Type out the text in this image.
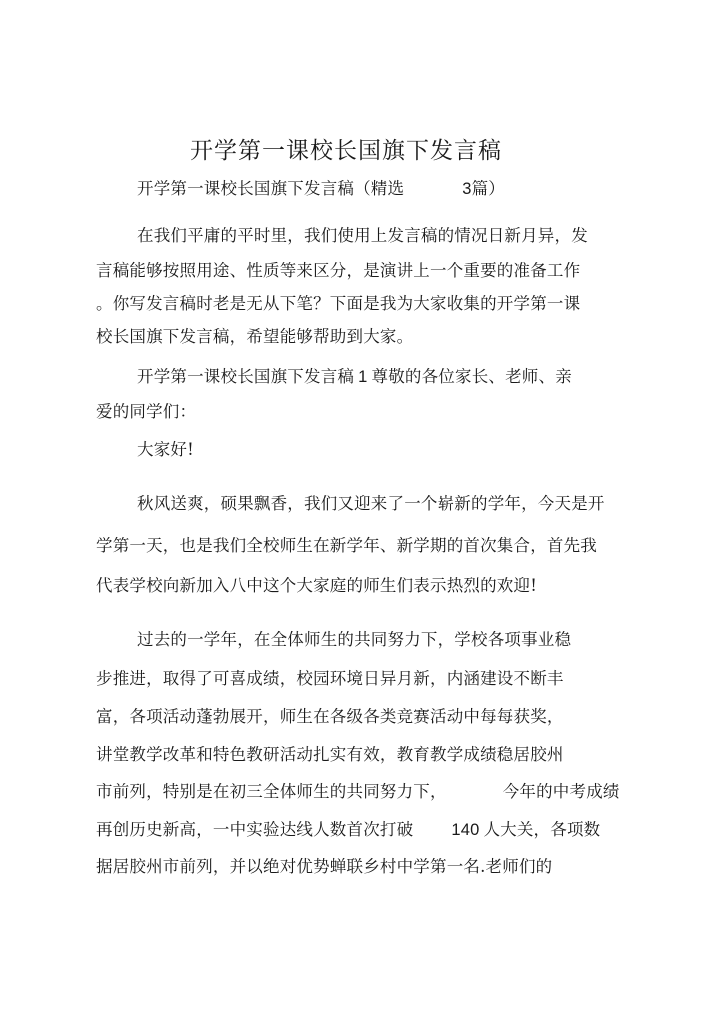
开学第一课校长国旗下发言稿
开学第一课校长国旗下发言稿（精选	3篇）
在我们平庸的平时里，我们使用上发言稿的情况日新月异，发
言稿能够按照用途、性质等来区分，是演讲上一个重要的准备工作
。你写发言稿时老是无从下笔？下面是我为大家收集的开学第一课
校长国旗下发言稿，希望能够帮助到大家。
开学第一课校长国旗下发言稿 1 尊敬的各位家长、老师、亲
爱的同学们：
大家好!
秋风送爽，硕果飘香，我们又迎来了一个崭新的学年，今天是开
学第一天，也是我们全校师生在新学年、新学期的首次集合，首先我
代表学校向新加入八中这个大家庭的师生们表示热烈的欢迎!
过去的一学年，在全体师生的共同努力下，学校各项事业稳
步推进，取得了可喜成绩，校园环境日异月新，内涵建设不断丰
富，各项活动蓬勃展开，师生在各级各类竞赛活动中每每获奖，
讲堂教学改革和特色教研活动扎实有效，教育教学成绩稳居胶州
市前列，特别是在初三全体师生的共同努力下，	今年的中考成绩
再创历史新高，一中实验达线人数首次打破 140 人大关，各项数
据居胶州市前列，并以绝对优势蝉联乡村中学第一名.老师们的
